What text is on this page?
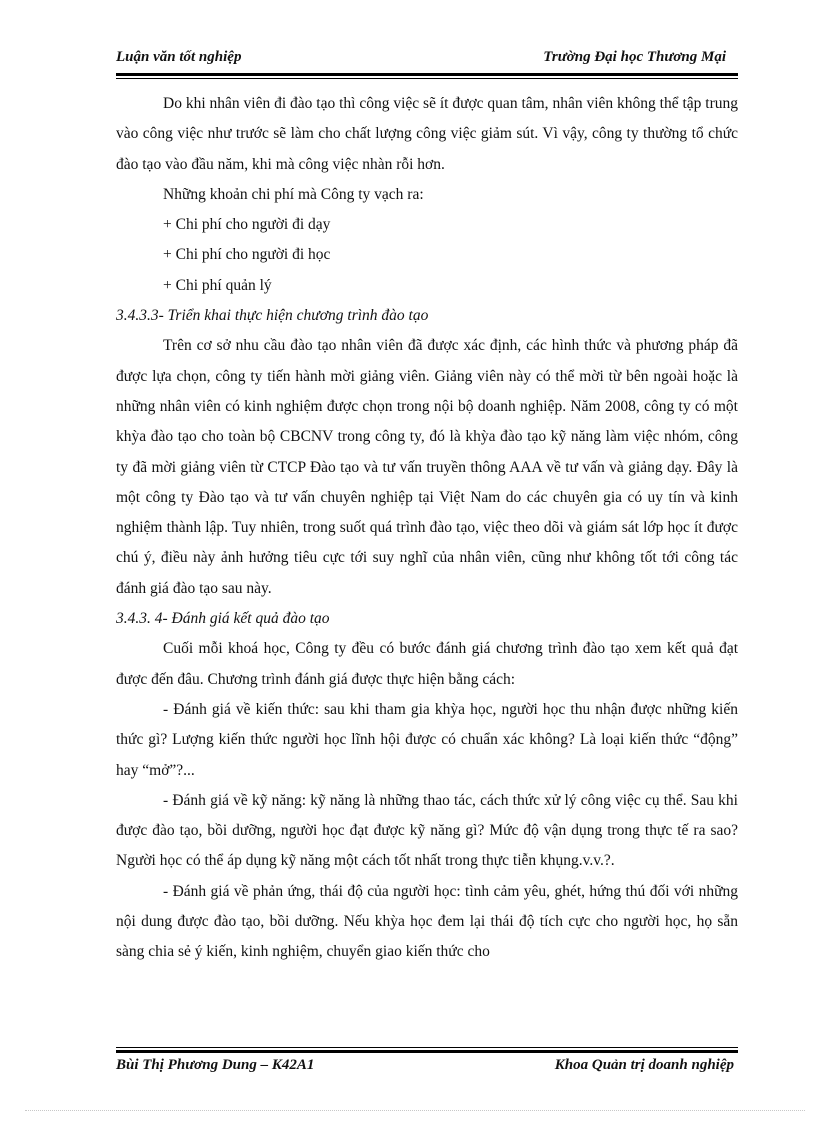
Luận văn tốt nghiệp	Trường Đại học Thương Mại

Do khi nhân viên đi đào tạo thì công việc sẽ ít được quan tâm, nhân viên không thể tập trung vào công việc như trước sẽ làm cho chất lượng công việc giảm sút. Vì vậy, công ty thường tổ chức đào tạo vào đầu năm, khi mà công việc nhàn rỗi hơn.

Những khoản chi phí mà Công ty vạch ra:

+ Chi phí cho người đi dạy

+ Chi phí cho người đi học

+ Chi phí quản lý

3.4.3.3- Triển khai thực hiện chương trình đào tạo

Trên cơ sở nhu cầu đào tạo nhân viên đã được xác định, các hình thức và phương pháp đã được lựa chọn, công ty tiến hành mời giảng viên. Giảng viên này có thể mời từ bên ngoài hoặc là những nhân viên có kinh nghiệm được chọn trong nội bộ doanh nghiệp. Năm 2008, công ty có một khỳa đào tạo cho toàn bộ CBCNV trong công ty, đó là khỳa đào tạo kỹ năng làm việc nhóm, công ty đã mời giảng viên từ CTCP Đào tạo và tư vấn truyền thông AAA về tư vấn và giảng dạy. Đây là một công ty Đào tạo và tư vấn chuyên nghiệp tại Việt Nam do các chuyên gia có uy tín và kinh nghiệm thành lập. Tuy nhiên, trong suốt quá trình đào tạo, việc theo dõi và giám sát lớp học ít được chú ý, điều này ảnh hưởng tiêu cực tới suy nghĩ của nhân viên, cũng như không tốt tới công tác đánh giá đào tạo sau này.

3.4.3. 4- Đánh giá kết quả đào tạo

Cuối mỗi khoá học, Công ty đều có bước đánh giá chương trình đào tạo xem kết quả đạt được đến đâu. Chương trình đánh giá được thực hiện bằng cách:

- Đánh giá về kiến thức: sau khi tham gia khỳa học, người học thu nhận được những kiến thức gì? Lượng kiến thức người học lĩnh hội được có chuẩn xác không? Là loại kiến thức “động” hay “mở”?...

- Đánh giá về kỹ năng: kỹ năng là những thao tác, cách thức xử lý công việc cụ thể. Sau khi được đào tạo, bồi dưỡng, người học đạt được kỹ năng gì? Mức độ vận dụng trong thực tế ra sao? Người học có thể áp dụng kỹ năng một cách tốt nhất trong thực tiễn khụng.v.v.?.

- Đánh giá về phản ứng, thái độ của người học: tình cảm yêu, ghét, hứng thú đối với những nội dung được đào tạo, bồi dưỡng. Nếu khỳa học đem lại thái độ tích cực cho người học, họ sẵn sàng chia sẻ ý kiến, kinh nghiệm, chuyển giao kiến thức cho

Bùi Thị Phương Dung – K42A1	Khoa Quản trị doanh nghiệp
